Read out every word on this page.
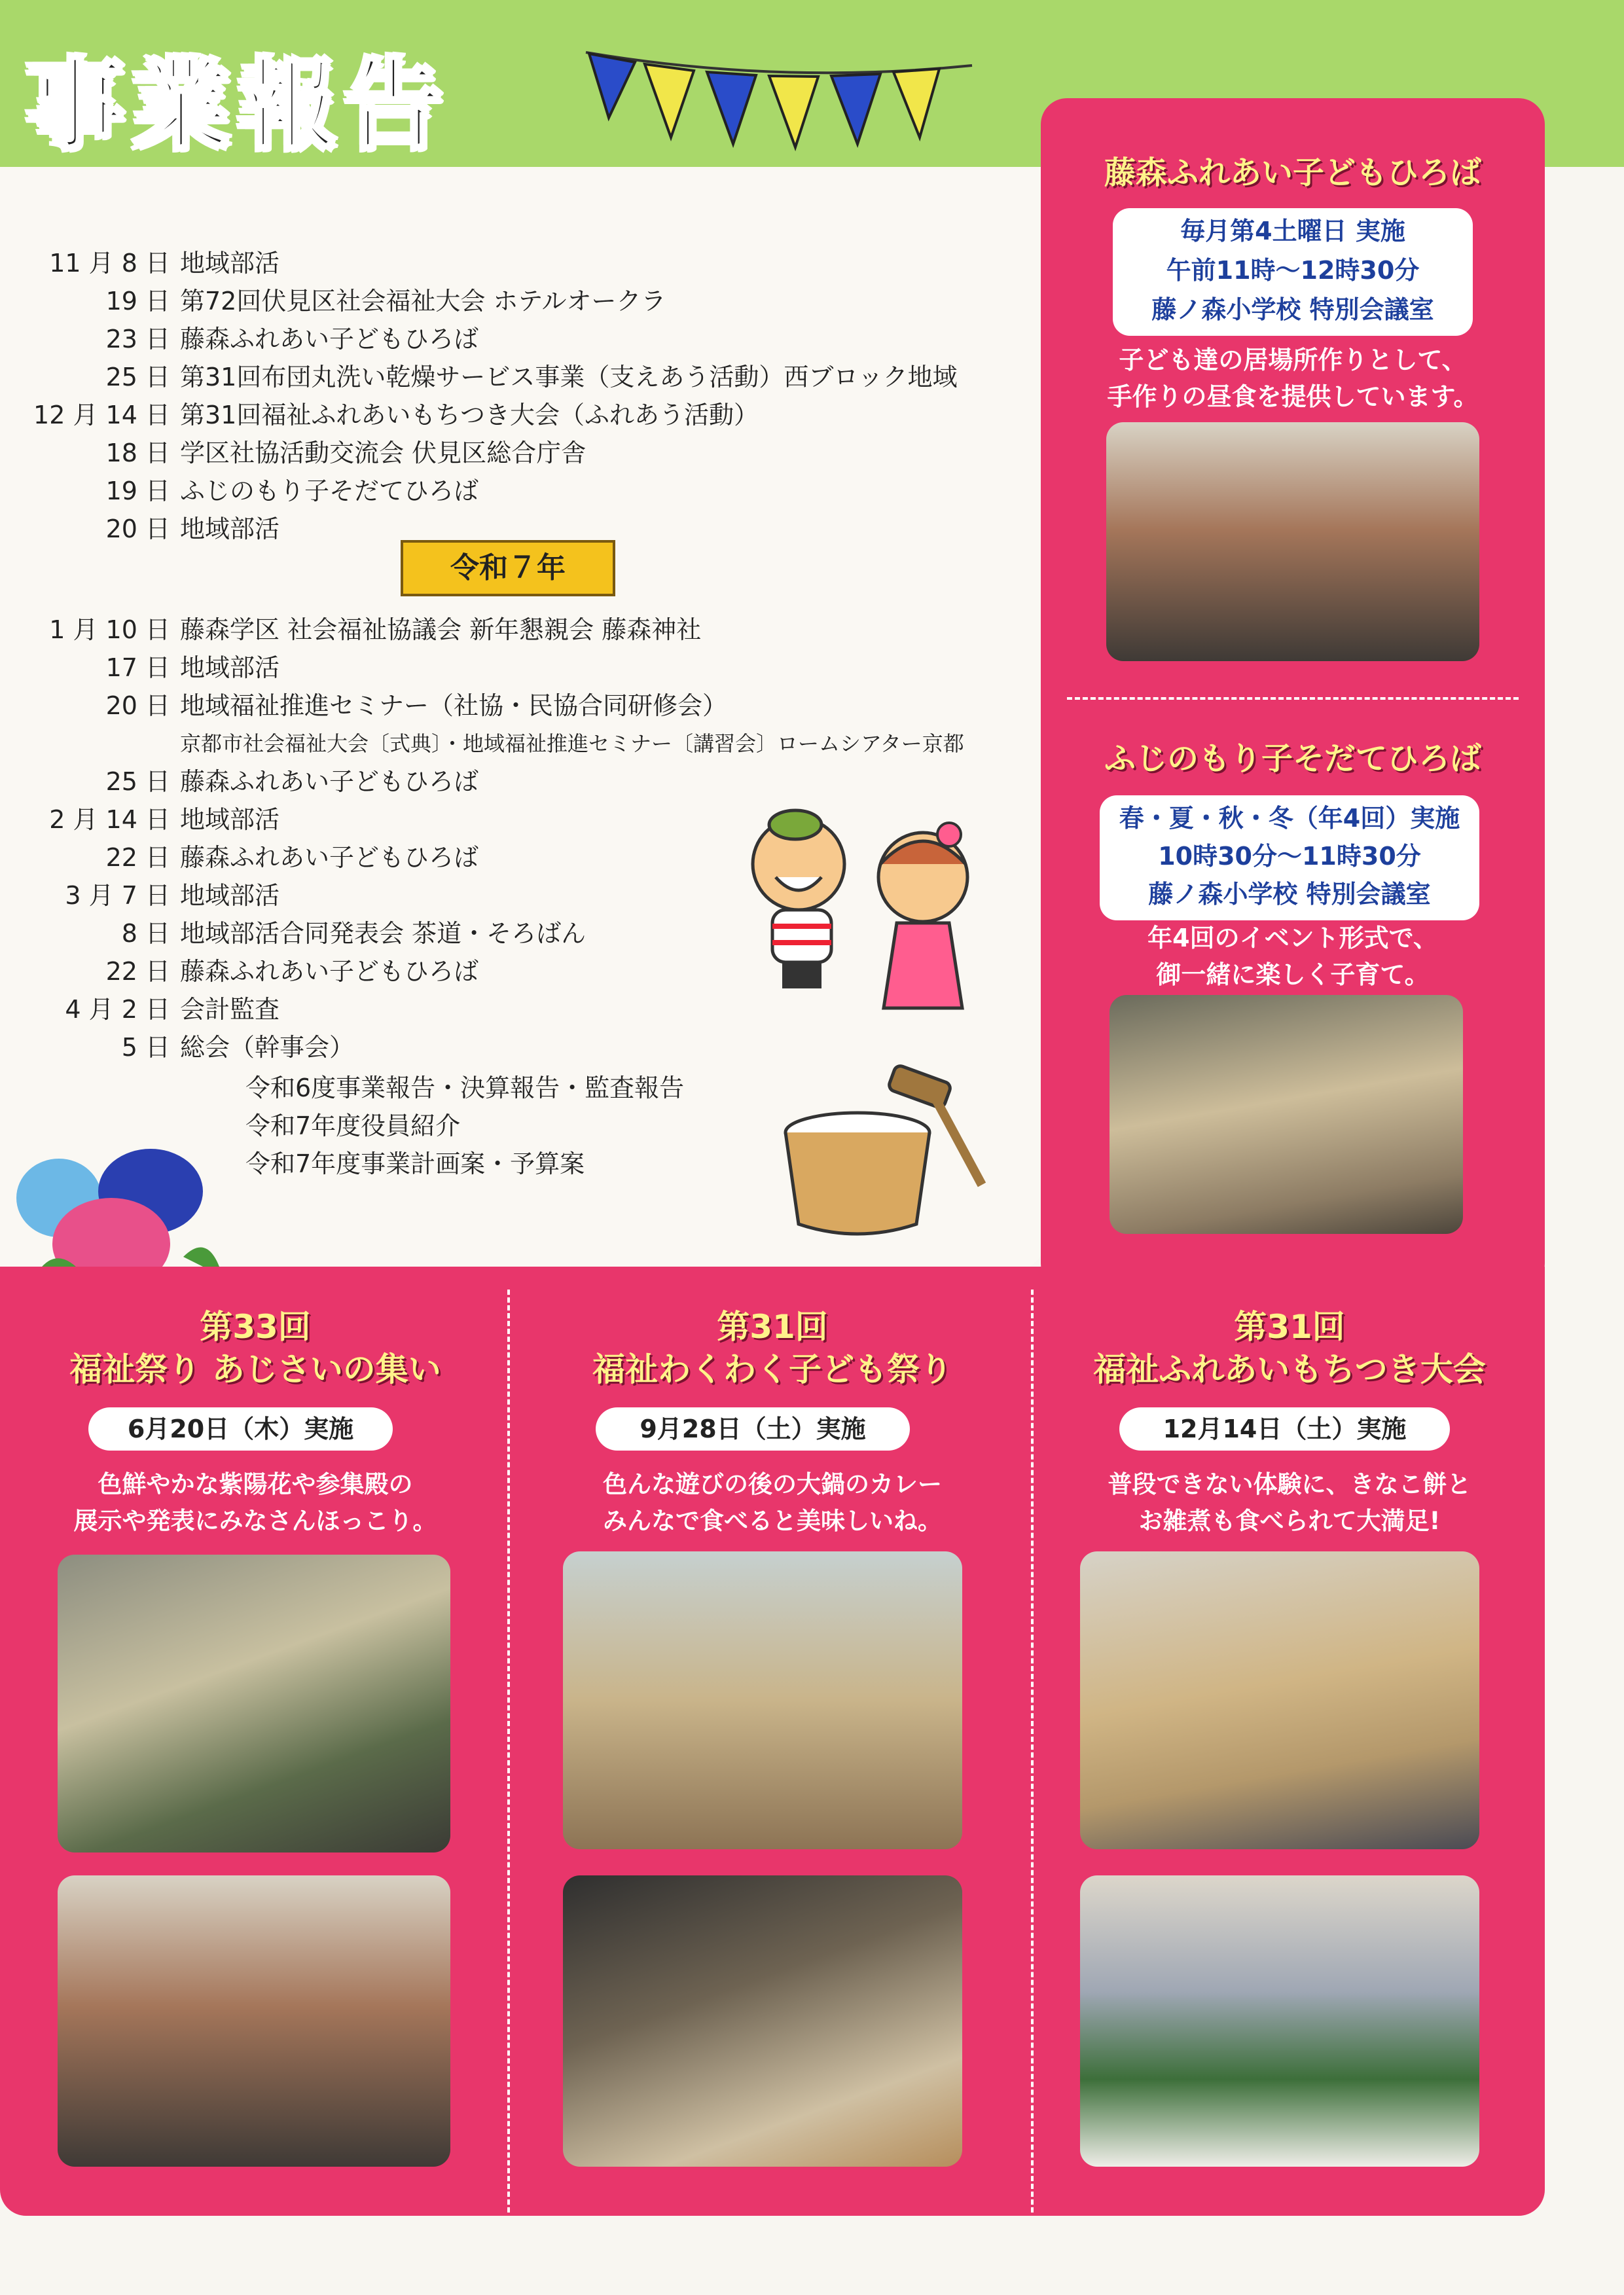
事業報告
11 月 8 日 地域部活
19 日 第72回伏見区社会福祉大会 ホテルオークラ
23 日 藤森ふれあい子どもひろば
25 日 第31回布団丸洗い乾燥サービス事業（支えあう活動）西ブロック地域
12 月 14 日 第31回福祉ふれあいもちつき大会（ふれあう活動）
18 日 学区社協活動交流会 伏見区総合庁舎
19 日 ふじのもり子そだてひろば
20 日 地域部活
令和７年
1 月 10 日 藤森学区 社会福祉協議会 新年懇親会 藤森神社
17 日 地域部活
20 日 地域福祉推進セミナー（社協・民協合同研修会）
京都市社会福祉大会〔式典〕・地域福祉推進セミナー〔講習会〕ロームシアター京都
25 日 藤森ふれあい子どもひろば
2 月 14 日 地域部活
22 日 藤森ふれあい子どもひろば
3 月 7 日 地域部活
8 日 地域部活合同発表会 茶道・そろばん
22 日 藤森ふれあい子どもひろば
4 月 2 日 会計監査
5 日 総会（幹事会）
令和6度事業報告・決算報告・監査報告
令和7年度役員紹介
令和7年度事業計画案・予算案
藤森ふれあい子どもひろば
毎月第4土曜日 実施
午前11時～12時30分
藤ノ森小学校 特別会議室
子ども達の居場所作りとして、
手作りの昼食を提供しています。
ふじのもり子そだてひろば
春・夏・秋・冬（年4回）実施
10時30分～11時30分
藤ノ森小学校 特別会議室
年4回のイベント形式で、
御一緒に楽しく子育て。
第33回
福祉祭り あじさいの集い
6月20日（木）実施
色鮮やかな紫陽花や参集殿の
展示や発表にみなさんほっこり。
第31回
福祉わくわく子ども祭り
9月28日（土）実施
色んな遊びの後の大鍋のカレー
みんなで食べると美味しいね。
第31回
福祉ふれあいもちつき大会
12月14日（土）実施
普段できない体験に、きなこ餅と
お雑煮も食べられて大満足!
